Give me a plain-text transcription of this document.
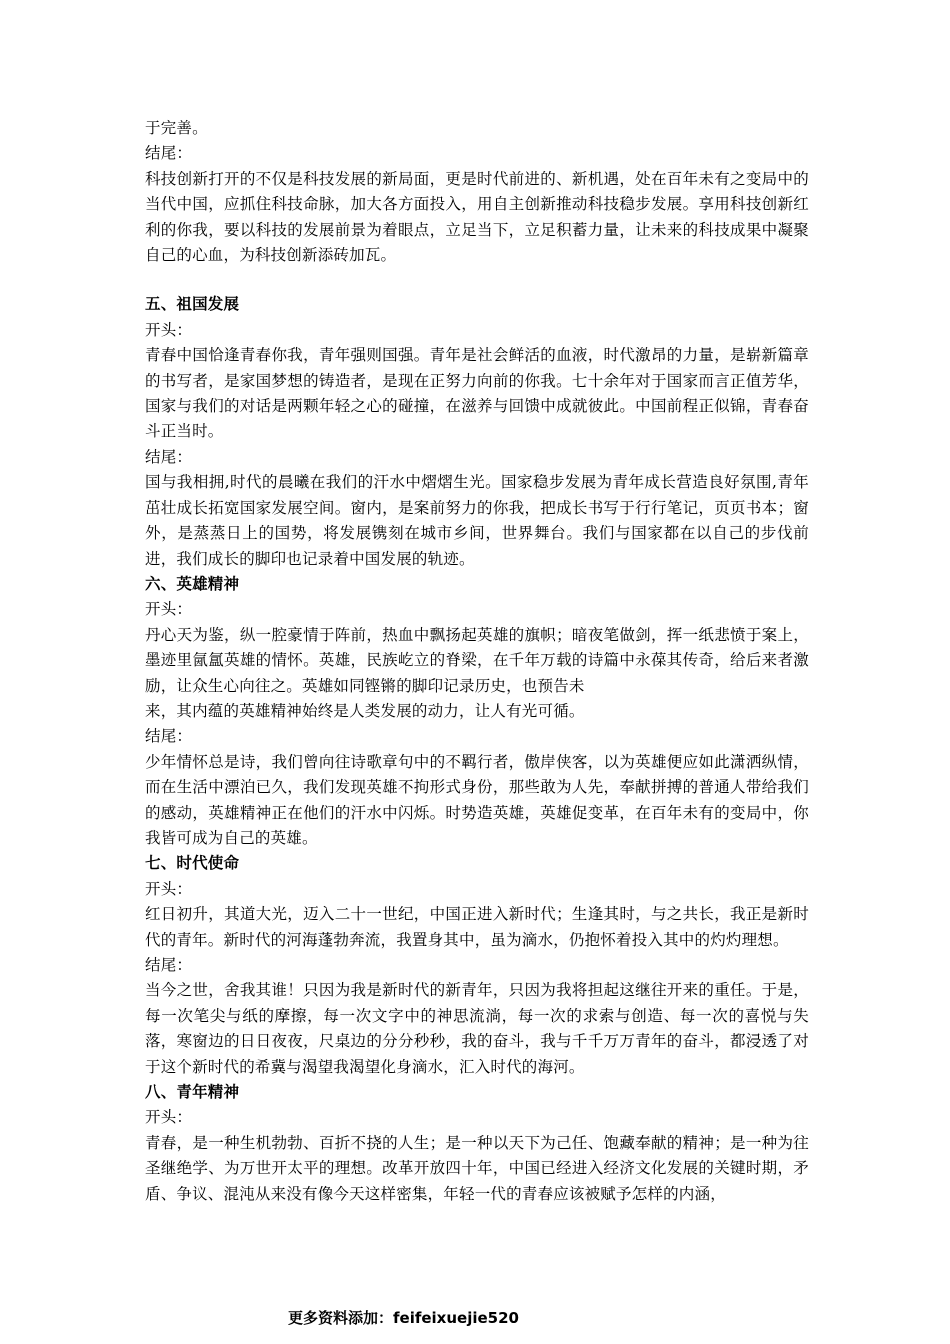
于完善。

结尾：

科技创新打开的不仅是科技发展的新局面，更是时代前进的、新机遇，处在百年未有之变局中的当代中国，应抓住科技命脉，加大各方面投入，用自主创新推动科技稳步发展。享用科技创新红利的你我，要以科技的发展前景为着眼点，立足当下，立足积蓄力量，让未来的科技成果中凝聚自己的心血，为科技创新添砖加瓦。

五、祖国发展

开头：

青春中国恰逢青春你我，青年强则国强。青年是社会鲜活的血液，时代激昂的力量，是崭新篇章的书写者，是家国梦想的铸造者，是现在正努力向前的你我。七十余年对于国家而言正值芳华，国家与我们的对话是两颗年轻之心的碰撞，在滋养与回馈中成就彼此。中国前程正似锦，青春奋斗正当时。

结尾：

国与我相拥,时代的晨曦在我们的汗水中熠熠生光。国家稳步发展为青年成长营造良好氛围,青年茁壮成长拓宽国家发展空间。窗内，是案前努力的你我，把成长书写于行行笔记，页页书本；窗外，是蒸蒸日上的国势，将发展镌刻在城市乡间，世界舞台。我们与国家都在以自己的步伐前进，我们成长的脚印也记录着中国发展的轨迹。

六、英雄精神

开头：

丹心天为鉴，纵一腔豪情于阵前，热血中飘扬起英雄的旗帜；暗夜笔做剑，挥一纸悲愤于案上，墨迹里氤氲英雄的情怀。英雄，民族屹立的脊梁，在千年万载的诗篇中永葆其传奇，给后来者激励，让众生心向往之。英雄如同铿锵的脚印记录历史，也预告未

来，其内蕴的英雄精神始终是人类发展的动力，让人有光可循。

结尾：

少年情怀总是诗，我们曾向往诗歌章句中的不羁行者，傲岸侠客，以为英雄便应如此潇洒纵情，而在生活中漂泊已久，我们发现英雄不拘形式身份，那些敢为人先，奉献拼搏的普通人带给我们的感动，英雄精神正在他们的汗水中闪烁。时势造英雄，英雄促变革，在百年未有的变局中，你我皆可成为自己的英雄。

七、时代使命

开头：

红日初升，其道大光，迈入二十一世纪，中国正进入新时代；生逢其时，与之共长，我正是新时代的青年。新时代的河海蓬勃奔流，我置身其中，虽为滴水，仍抱怀着投入其中的灼灼理想。

结尾：

当今之世，舍我其谁！只因为我是新时代的新青年，只因为我将担起这继往开来的重任。于是，每一次笔尖与纸的摩擦，每一次文字中的神思流淌，每一次的求索与创造、每一次的喜悦与失落，寒窗边的日日夜夜，尺桌边的分分秒秒，我的奋斗，我与千千万万青年的奋斗，都浸透了对于这个新时代的希冀与渴望我渴望化身滴水，汇入时代的海河。

八、青年精神

开头：

青春，是一种生机勃勃、百折不挠的人生；是一种以天下为己任、饱藏奉献的精神；是一种为往圣继绝学、为万世开太平的理想。改革开放四十年，中国已经进入经济文化发展的关键时期，矛盾、争议、混沌从来没有像今天这样密集，年轻一代的青春应该被赋予怎样的内涵，

更多资料添加：feifeixuejie520
